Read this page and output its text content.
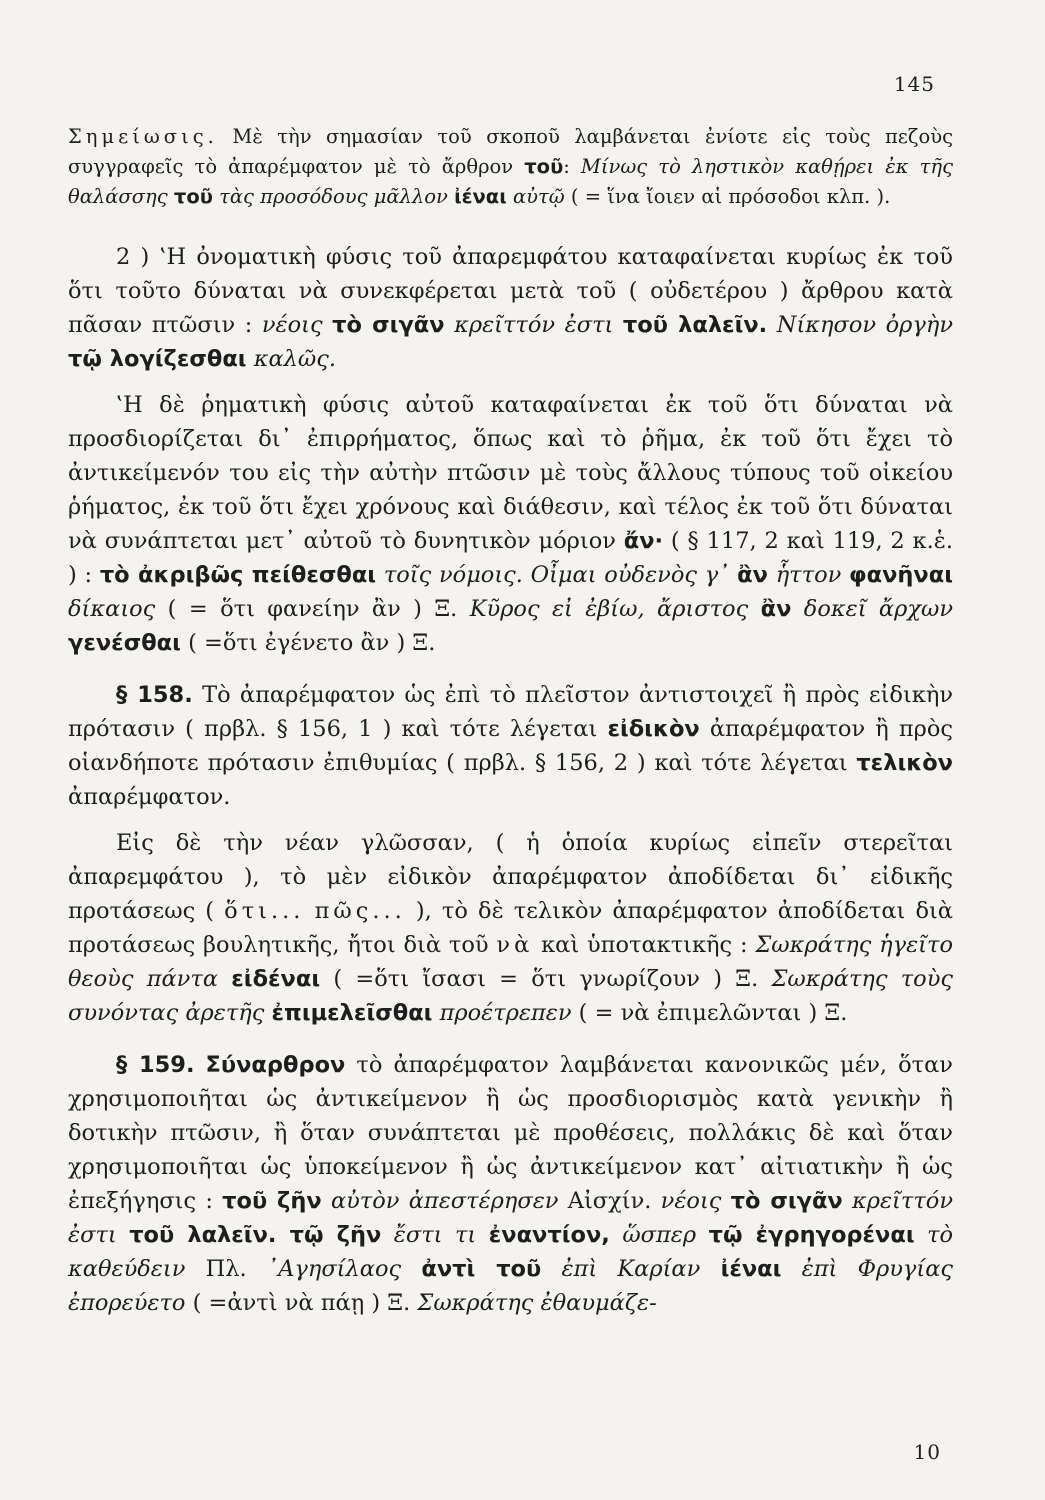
145

Σημείωσις. Μὲ τὴν σημασίαν τοῦ σκοποῦ λαμβάνεται ἐνίοτε εἰς τοὺς πεζοὺς συγγραφεῖς τὸ ἀπαρέμφατον μὲ τὸ ἄρθρον τοῦ: Μίνως τὸ ληστικὸν καθῄρει ἐκ τῆς θαλάσσης τοῦ τὰς προσόδους μᾶλλον ἰέναι αὐτῷ ( = ἵνα ἴοιεν αἱ πρόσοδοι κλπ. ).

2 ) ‛Η ὀνοματικὴ φύσις τοῦ ἀπαρεμφάτου καταφαίνεται κυρίως ἐκ τοῦ ὅτι τοῦτο δύναται νὰ συνεκφέρεται μετὰ τοῦ ( οὐδετέρου ) ἄρθρου κατὰ πᾶσαν πτῶσιν : νέοις τὸ σιγᾶν κρεῖττόν ἐστι τοῦ λαλεῖν. Νίκησον ὀργὴν τῷ λογίζεσθαι καλῶς.

‛Η δὲ ῥηματικὴ φύσις αὐτοῦ καταφαίνεται ἐκ τοῦ ὅτι δύναται νὰ προσδιορίζεται δι᾽ ἐπιρρήματος, ὅπως καὶ τὸ ῥῆμα, ἐκ τοῦ ὅτι ἔχει τὸ ἀντικείμενόν του εἰς τὴν αὐτὴν πτῶσιν μὲ τοὺς ἄλλους τύπους τοῦ οἰκείου ῥήματος, ἐκ τοῦ ὅτι ἔχει χρόνους καὶ διάθεσιν, καὶ τέλος ἐκ τοῦ ὅτι δύναται νὰ συνάπτεται μετ᾽ αὐτοῦ τὸ δυνητικὸν μόριον ἄν· ( § 117, 2 καὶ 119, 2 κ.ἑ. ) : τὸ ἀκριβῶς πείθεσθαι τοῖς νόμοις. Οἶμαι οὐδενὸς γ᾽ ἂν ἧττον φανῆναι δίκαιος ( = ὅτι φανείην ἂν ) Ξ. Κῦρος εἰ ἐβίω, ἄριστος ἂν δοκεῖ ἄρχων γενέσθαι ( =ὅτι ἐγένετο ἂν ) Ξ.

§ 158. Τὸ ἀπαρέμφατον ὡς ἐπὶ τὸ πλεῖστον ἀντιστοιχεῖ ἢ πρὸς εἰδικὴν πρότασιν ( πρβλ. § 156, 1 ) καὶ τότε λέγεται εἰδικὸν ἀπαρέμφατον ἢ πρὸς οἱανδήποτε πρότασιν ἐπιθυμίας ( πρβλ. § 156, 2 ) καὶ τότε λέγεται τελικὸν ἀπαρέμφατον.

Εἰς δὲ τὴν νέαν γλῶσσαν, ( ἡ ὁποία κυρίως εἰπεῖν στερεῖται ἀπαρεμφάτου ), τὸ μὲν εἰδικὸν ἀπαρέμφατον ἀποδίδεται δι᾽ εἰδικῆς προτάσεως ( ὅτι... πῶς... ), τὸ δὲ τελικὸν ἀπαρέμφατον ἀποδίδεται διὰ προτάσεως βουλητικῆς, ἤτοι διὰ τοῦ νὰ καὶ ὑποτακτικῆς : Σωκράτης ἡγεῖτο θεοὺς πάντα εἰδέναι ( =ὅτι ἴσασι = ὅτι γνωρίζουν ) Ξ. Σωκράτης τοὺς συνόντας ἀρετῆς ἐπιμελεῖσθαι προέτρεπεν ( = νὰ ἐπιμελῶνται ) Ξ.

§ 159. Σύναρθρον τὸ ἀπαρέμφατον λαμβάνεται κανονικῶς μέν, ὅταν χρησιμοποιῆται ὡς ἀντικείμενον ἢ ὡς προσδιορισμὸς κατὰ γενικὴν ἢ δοτικὴν πτῶσιν, ἢ ὅταν συνάπτεται μὲ προθέσεις, πολλάκις δὲ καὶ ὅταν χρησιμοποιῆται ὡς ὑποκείμενον ἢ ὡς ἀντικείμενον κατ᾽ αἰτιατικὴν ἢ ὡς ἐπεξήγησις : τοῦ ζῆν αὐτὸν ἀπεστέρησεν Αἰσχίν. νέοις τὸ σιγᾶν κρεῖττόν ἐστι τοῦ λαλεῖν. τῷ ζῆν ἔστι τι ἐναντίον, ὥσπερ τῷ ἐγρηγορέναι τὸ καθεύδειν Πλ. ᾽Αγησίλαος ἀντὶ τοῦ ἐπὶ Καρίαν ἰέναι ἐπὶ Φρυγίας ἐπορεύετο ( =ἀντὶ νὰ πάῃ ) Ξ. Σωκράτης ἐθαυμάζε-

10
